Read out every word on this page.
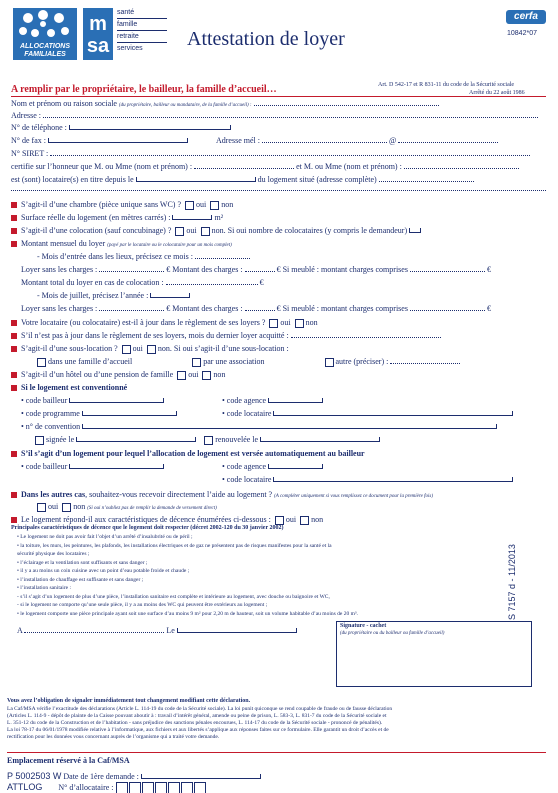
ALLOCATIONS
FAMILIALES
m
sa
santé
famille
retraite
services	Attestation de loyer
cerfa
10842*07
A remplir par le propriétaire, le bailleur, la famille d’accueil…	Art. D 542-17 et R 831-11 du code de la Sécurité sociale
Arrêté du 22 août 1986
Nom et prénom ou raison sociale (du propriétaire, bailleur ou mandataire, de la famille d’accueil) :
Adresse :
N° de téléphone :
N° de fax :	Adresse mél :	@
N° SIRET :
certifie sur l’honneur que M. ou Mme (nom et prénom) :	et M. ou Mme (nom et prénom) :
est (sont) locataire(s) en titre depuis le	du logement situé (adresse complète)
S’agit-il d’une chambre (pièce unique sans WC) ? oui non
Surface réelle du logement (en mètres carrés) :	m²
S’agit-il d’une colocation (sauf concubinage) ? oui non. Si oui nombre de colocataires (y compris le demandeur)
Montant mensuel du loyer (payé par le locataire ou le colocataire pour un mois complet)
- Mois d’entrée dans les lieux, précisez ce mois :
Loyer sans les charges :	€ Montant des charges :	€ Si meublé : montant charges comprises	€
Montant total du loyer en cas de colocation :	€
- Mois de juillet, précisez l’année :
Loyer sans les charges :	€ Montant des charges :	€ Si meublé : montant charges comprises	€
Votre locataire (ou colocataire) est-il à jour dans le règlement de ses loyers ? oui non
S’il n’est pas à jour dans le règlement de ses loyers, mois du dernier loyer acquitté :
S’agit-il d’une sous-location ? oui non. Si oui s’agit-il d’une sous-location :
dans une famille d’accueil	par une association	autre (préciser) :
S’agit-il d’un hôtel ou d’une pension de famille oui non
Si le logement est conventionné
• code bailleur	• code agence
• code programme	• code locataire
• n° de convention
signée le	renouvelée le
S’il s’agit d’un logement pour lequel l’allocation de logement est versée automatiquement au bailleur
• code bailleur	• code agence
• code locataire
Dans les autres cas, souhaitez-vous recevoir directement l’aide au logement ? (A compléter uniquement si vous remplissez ce document pour la première fois)
oui non (Si oui n’oubliez pas de remplir la demande de versement direct)
Le logement répond-il aux caractéristiques de décence énumérées ci-dessous : oui non
Principales caractéristiques de décence que le logement doit respecter (décret 2002-120 du 30 janvier 2002)
• Le logement ne doit pas avoir fait l’objet d’un arrêté d’insalubrité ou de péril ;
• la toiture, les murs, les peintures, les plafonds, les installations électriques et de gaz ne présentent pas de risques manifestes pour la santé et la
sécurité physique des locataires ;
• l’éclairage et la ventilation sont suffisants et sans danger ;
• il y a au moins un coin cuisine avec un point d’eau potable froide et chaude ;
• l’installation de chauffage est suffisante et sans danger ;
• l’installation sanitaire :
- s’il s’agit d’un logement de plus d’une pièce, l’installation sanitaire est complète et intérieure au logement, avec douche ou baignoire et WC,
- si le logement ne comporte qu’une seule pièce, il y a au moins des WC qui peuvent être extérieurs au logement ;
• le logement comporte une pièce principale ayant soit une surface d’au moins 9 m² pour 2,20 m de hauteur, soit un volume habitable d’au moins de 20 m³.
A	Le	Signature - cachet
(du propriétaire ou du bailleur ou famille d’accueil)
S 7157 d - 11/2013
Vous avez l’obligation de signaler immédiatement tout changement modifiant cette déclaration.
La Caf/MSA vérifie l’exactitude des déclarations (Article L. 114-19 du code de la Sécurité sociale). La loi punit quiconque se rend coupable de fraude ou de fausse déclaration
(Articles L. 114-9 - dépôt de plainte de la Caisse pouvant aboutir à : travail d’intérêt général, amende ou peine de prison, L. 583-3, L. 831-7 du code de la Sécurité sociale et
L. 351-12 du code de la Construction et de l’habitation - sans préjudice des sanctions pénales encourues, L. 114-17 du code de la Sécurité sociale - prononcé de pénalités).
La loi 78-17 du 06/01/1978 modifiée relative à l’informatique, aux fichiers et aux libertés s’applique aux réponses faites sur ce formulaire. Elle garantit un droit d’accès et de
rectification pour les données vous concernant auprès de l’organisme qui a traité votre demande.
Emplacement réservé à la Caf/MSA
P 5002503 W Date de 1ère demande :
ATTLOG N° d’allocataire :
